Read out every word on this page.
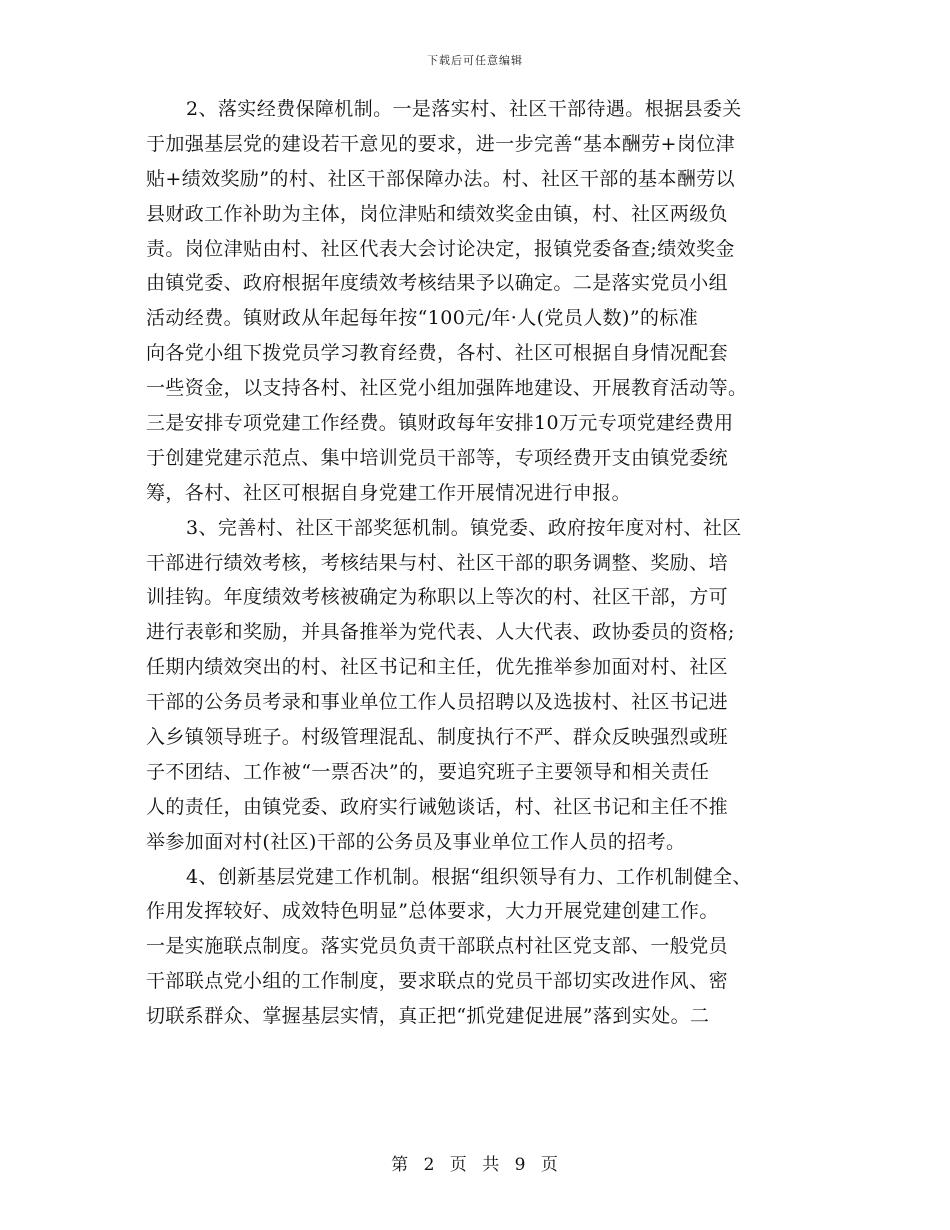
下载后可任意编辑
2、落实经费保障机制。一是落实村、社区干部待遇。根据县委关
于加强基层党的建设若干意见的要求，进一步完善“基本酬劳+岗位津
贴+绩效奖励”的村、社区干部保障办法。村、社区干部的基本酬劳以
县财政工作补助为主体，岗位津贴和绩效奖金由镇，村、社区两级负
责。岗位津贴由村、社区代表大会讨论决定，报镇党委备查;绩效奖金
由镇党委、政府根据年度绩效考核结果予以确定。二是落实党员小组
活动经费。镇财政从年起每年按“100元/年·人(党员人数)”的标准
向各党小组下拨党员学习教育经费，各村、社区可根据自身情况配套
一些资金，以支持各村、社区党小组加强阵地建设、开展教育活动等。
三是安排专项党建工作经费。镇财政每年安排10万元专项党建经费用
于创建党建示范点、集中培训党员干部等，专项经费开支由镇党委统
筹，各村、社区可根据自身党建工作开展情况进行申报。
3、完善村、社区干部奖惩机制。镇党委、政府按年度对村、社区
干部进行绩效考核，考核结果与村、社区干部的职务调整、奖励、培
训挂钩。年度绩效考核被确定为称职以上等次的村、社区干部，方可
进行表彰和奖励，并具备推举为党代表、人大代表、政协委员的资格;
任期内绩效突出的村、社区书记和主任，优先推举参加面对村、社区
干部的公务员考录和事业单位工作人员招聘以及选拔村、社区书记进
入乡镇领导班子。村级管理混乱、制度执行不严、群众反映强烈或班
子不团结、工作被“一票否决”的，要追究班子主要领导和相关责任
人的责任，由镇党委、政府实行诫勉谈话，村、社区书记和主任不推
举参加面对村(社区)干部的公务员及事业单位工作人员的招考。
4、创新基层党建工作机制。根据“组织领导有力、工作机制健全、
作用发挥较好、成效特色明显”总体要求，大力开展党建创建工作。
一是实施联点制度。落实党员负责干部联点村社区党支部、一般党员
干部联点党小组的工作制度，要求联点的党员干部切实改进作风、密
切联系群众、掌握基层实情，真正把“抓党建促进展”落到实处。二
第 2 页 共 9 页
